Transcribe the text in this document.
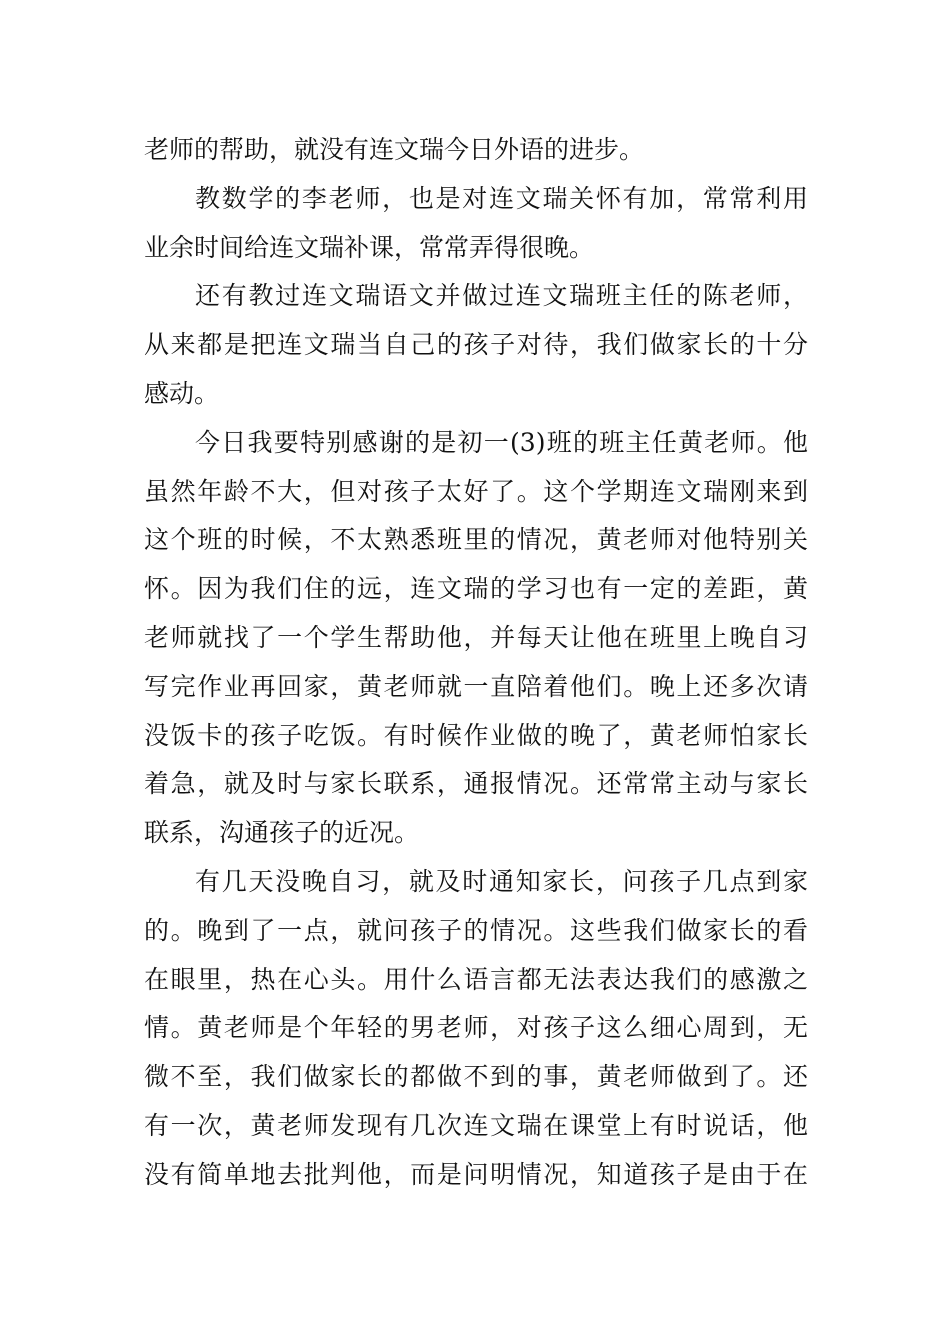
老师的帮助，就没有连文瑞今日外语的进步。
教数学的李老师，也是对连文瑞关怀有加，常常利用
业余时间给连文瑞补课，常常弄得很晚。
还有教过连文瑞语文并做过连文瑞班主任的陈老师，
从来都是把连文瑞当自己的孩子对待，我们做家长的十分
感动。
今日我要特别感谢的是初一(3)班的班主任黄老师。他
虽然年龄不大，但对孩子太好了。这个学期连文瑞刚来到
这个班的时候，不太熟悉班里的情况，黄老师对他特别关
怀。因为我们住的远，连文瑞的学习也有一定的差距，黄
老师就找了一个学生帮助他，并每天让他在班里上晚自习
写完作业再回家，黄老师就一直陪着他们。晚上还多次请
没饭卡的孩子吃饭。有时候作业做的晚了，黄老师怕家长
着急，就及时与家长联系，通报情况。还常常主动与家长
联系，沟通孩子的近况。
有几天没晚自习，就及时通知家长，问孩子几点到家
的。晚到了一点，就问孩子的情况。这些我们做家长的看
在眼里，热在心头。用什么语言都无法表达我们的感激之
情。黄老师是个年轻的男老师，对孩子这么细心周到，无
微不至，我们做家长的都做不到的事，黄老师做到了。还
有一次，黄老师发现有几次连文瑞在课堂上有时说话，他
没有简单地去批判他，而是问明情况，知道孩子是由于在
